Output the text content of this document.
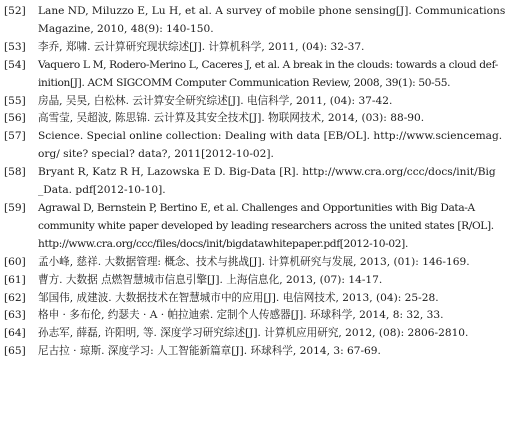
[52] Lane ND, Miluzzo E, Lu H, et al. A survey of mobile phone sensing[J]. Communications
Magazine, 2010, 48(9): 140-150.
[53] 李乔, 郑啸. 云计算研究现状综述[J]. 计算机科学, 2011, (04): 32-37.
[54] Vaquero L M, Rodero-Merino L, Caceres J, et al. A break in the clouds: towards a cloud def-
inition[J]. ACM SIGCOMM Computer Communication Review, 2008, 39(1): 50-55.
[55] 房晶, 吴昊, 白松林. 云计算安全研究综述[J]. 电信科学, 2011, (04): 37-42.
[56] 高雪莹, 吴超波, 陈思锦. 云计算及其安全技术[J]. 物联网技术, 2014, (03): 88-90.
[57] Science. Special online collection: Dealing with data [EB/OL]. http://www.sciencemag.
org/ site? special? data?, 2011[2012-10-02].
[58] Bryant R, Katz R H, Lazowska E D. Big-Data [R]. http://www.cra.org/ccc/docs/init/Big
_Data. pdf[2012-10-10].
[59] Agrawal D, Bernstein P, Bertino E, et al. Challenges and Opportunities with Big Data-A
community white paper developed by leading researchers across the united states [R/OL].
http://www.cra.org/ccc/files/docs/init/bigdatawhitepaper.pdf[2012-10-02].
[60] 孟小峰, 慈祥. 大数据管理: 概念、技术与挑战[J]. 计算机研究与发展, 2013, (01): 146-169.
[61] 曹方. 大数据 点燃智慧城市信息引擎[J]. 上海信息化, 2013, (07): 14-17.
[62] 邹国伟, 成建波. 大数据技术在智慧城市中的应用[J]. 电信网技术, 2013, (04): 25-28.
[63] 格申 · 多布伦, 约瑟夫 · A · 帕拉迪索. 定制个人传感器[J]. 环球科学, 2014, 8: 32, 33.
[64] 孙志军, 薛磊, 许阳明, 等. 深度学习研究综述[J]. 计算机应用研究, 2012, (08): 2806-2810.
[65] 尼古拉 · 琼斯. 深度学习: 人工智能新篇章[J]. 环球科学, 2014, 3: 67-69.
